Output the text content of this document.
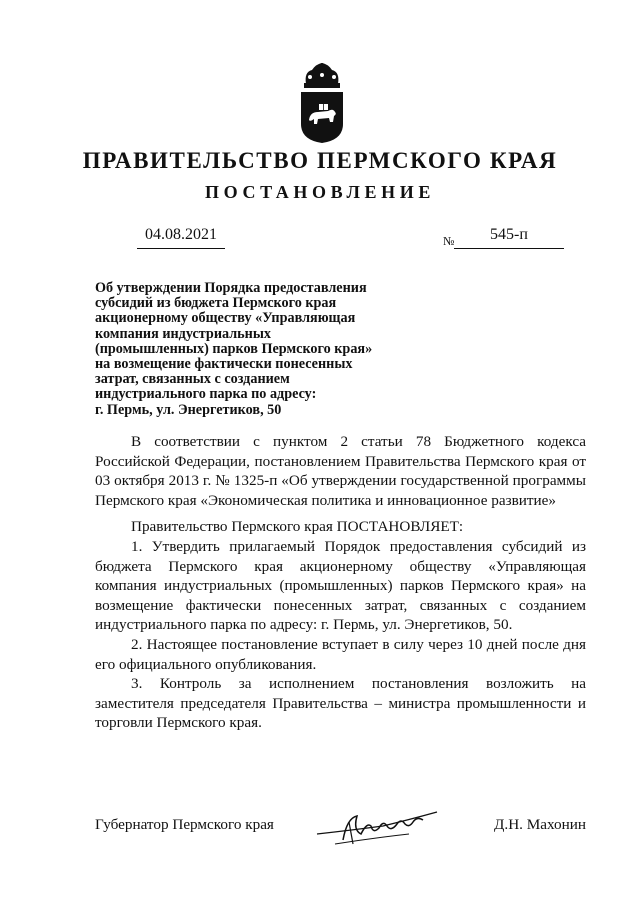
ПРАВИТЕЛЬСТВО ПЕРМСКОГО КРАЯ
ПОСТАНОВЛЕНИЕ
04.08.2021	№	545-п
Об утверждении Порядка предоставления
субсидий из бюджета Пермского края
акционерному обществу «Управляющая
компания индустриальных
(промышленных) парков Пермского края»
на возмещение фактически понесенных
затрат, связанных с созданием
индустриального парка по адресу:
г. Пермь, ул. Энергетиков, 50

В соответствии с пунктом 2 статьи 78 Бюджетного кодекса Российской Федерации, постановлением Правительства Пермского края от 03 октября 2013 г. № 1325-п «Об утверждении государственной программы Пермского края «Экономическая политика и инновационное развитие»

Правительство Пермского края ПОСТАНОВЛЯЕТ:

1. Утвердить прилагаемый Порядок предоставления субсидий из бюджета Пермского края акционерному обществу «Управляющая компания индустриальных (промышленных) парков Пермского края» на возмещение фактически понесенных затрат, связанных с созданием индустриального парка по адресу: г. Пермь, ул. Энергетиков, 50.

2. Настоящее постановление вступает в силу через 10 дней после дня его официального опубликования.

3. Контроль за исполнением постановления возложить на заместителя председателя Правительства – министра промышленности и торговли Пермского края.

Губернатор Пермского края	Д.Н. Махонин
